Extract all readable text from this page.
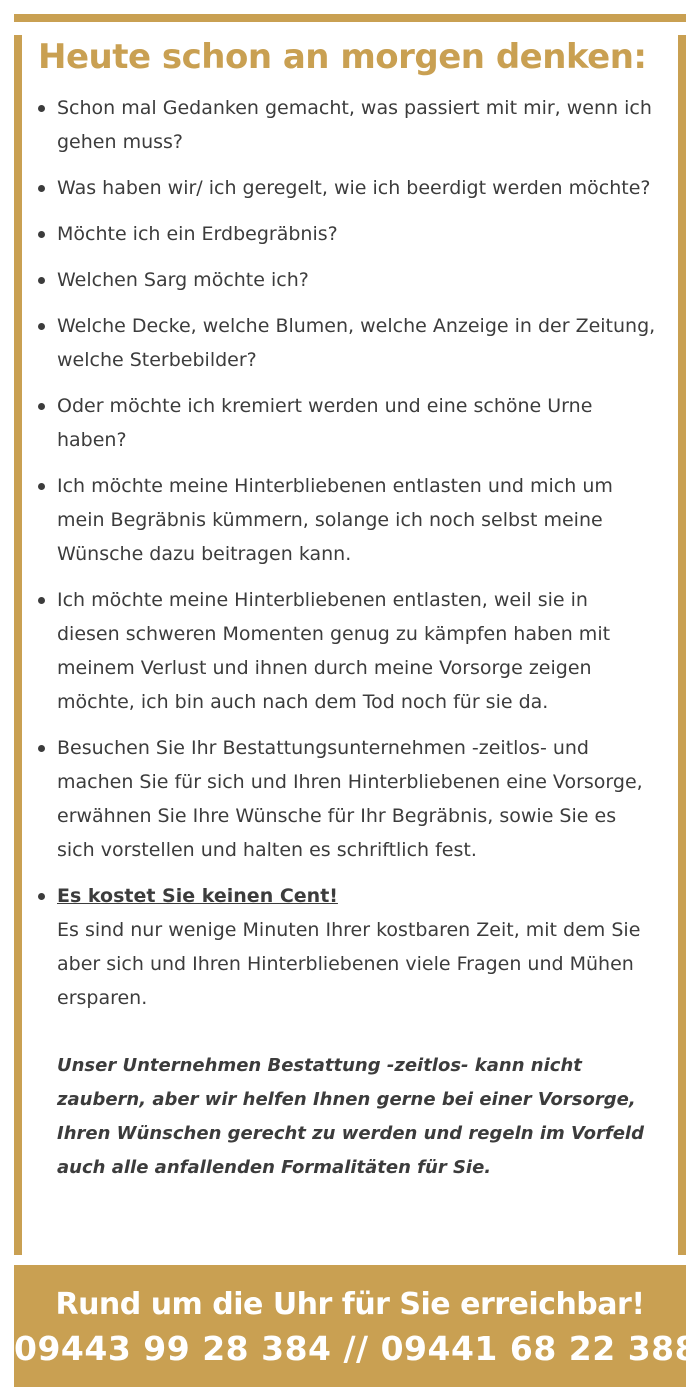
Heute schon an morgen denken:
Schon mal Gedanken gemacht, was passiert mit mir, wenn ich gehen muss?
Was haben wir/ ich geregelt, wie ich beerdigt werden möchte?
Möchte ich ein Erdbegräbnis?
Welchen Sarg möchte ich?
Welche Decke, welche Blumen, welche Anzeige in der Zeitung, welche Sterbebilder?
Oder möchte ich kremiert werden und eine schöne Urne haben?
Ich möchte meine Hinterbliebenen entlasten und mich um mein Begräbnis kümmern, solange ich noch selbst meine Wünsche dazu beitragen kann.
Ich möchte meine Hinterbliebenen entlasten, weil sie in diesen schweren Momenten genug zu kämpfen haben mit meinem Verlust und ihnen durch meine Vorsorge zeigen möchte, ich bin auch nach dem Tod noch für sie da.
Besuchen Sie Ihr Bestattungsunternehmen -zeitlos- und machen Sie für sich und Ihren Hinterbliebenen eine Vorsorge, erwähnen Sie Ihre Wünsche für Ihr Begräbnis, sowie Sie es sich vorstellen und halten es schriftlich fest.
Es kostet Sie keinen Cent!
Es sind nur wenige Minuten Ihrer kostbaren Zeit, mit dem Sie aber sich und Ihren Hinterbliebenen viele Fragen und Mühen ersparen.

Unser Unternehmen Bestattung -zeitlos- kann nicht zaubern, aber wir helfen Ihnen gerne bei einer Vorsorge, Ihren Wünschen gerecht zu werden und regeln im Vorfeld auch alle anfallenden Formalitäten für Sie.

Rund um die Uhr für Sie erreichbar!
09443 99 28 384 // 09441 68 22 388
